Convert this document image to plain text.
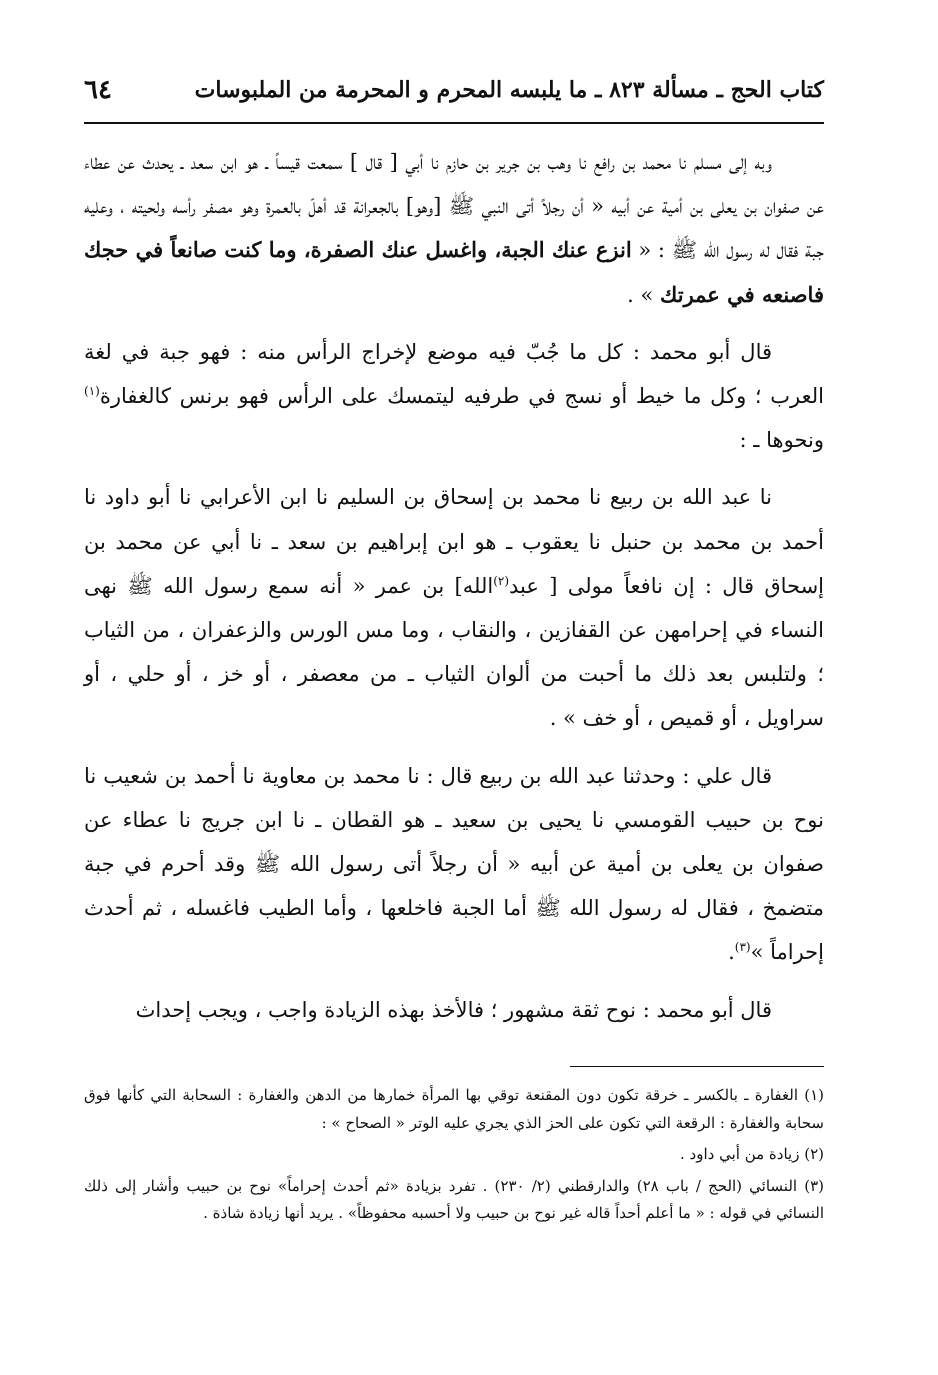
كتاب الحج ـ مسألة ٨٢٣ ـ ما يلبسه المحرم و المحرمة من الملبوسات
٦٤

وبه إلى مسلم نا محمد بن رافع نا وهب بن جرير بن حازم نا أبي [ قال ] سمعت قيساً ـ هو ابن سعد ـ يحدث عن عطاء عن صفوان بن يعلى بن أمية عن أبيه « أن رجلاً أتى النبي ﷺ [وهو] بالجعرانة قد أهلّ بالعمرة وهو مصفر رأسه ولحيته ، وعليه جبة فقال له رسول الله ﷺ : « انزع عنك الجبة، واغسل عنك الصفرة، وما كنت صانعاً في حجك فاصنعه في عمرتك » .

قال أبو محمد : كل ما جُبّ فيه موضع لإخراج الرأس منه : فهو جبة في لغة العرب ؛ وكل ما خيط أو نسج في طرفيه ليتمسك على الرأس فهو برنس كالغفارة$^{(١)}$ ونحوها ـ :

نا عبد الله بن ربيع نا محمد بن إسحاق بن السليم نا ابن الأعرابي نا أبو داود نا أحمد بن محمد بن حنبل نا يعقوب ـ هو ابن إبراهيم بن سعد ـ نا أبي عن محمد بن إسحاق قال : إن نافعاً مولى [ عبد$^{(٢)}$الله] بن عمر « أنه سمع رسول الله ﷺ نهى النساء في إحرامهن عن القفازين ، والنقاب ، وما مس الورس والزعفران ، من الثياب ؛ ولتلبس بعد ذلك ما أحبت من ألوان الثياب ـ من معصفر ، أو خز ، أو حلي ، أو سراويل ، أو قميص ، أو خف » .

قال علي : وحدثنا عبد الله بن ربيع قال : نا محمد بن معاوية نا أحمد بن شعيب نا نوح بن حبيب القومسي نا يحيى بن سعيد ـ هو القطان ـ نا ابن جريج نا عطاء عن صفوان بن يعلى بن أمية عن أبيه « أن رجلاً أتى رسول الله ﷺ وقد أحرم في جبة متضمخ ، فقال له رسول الله ﷺ أما الجبة فاخلعها ، وأما الطيب فاغسله ، ثم أحدث إحراماً »$^{(٣)}$.

قال أبو محمد : نوح ثقة مشهور ؛ فالأخذ بهذه الزيادة واجب ، ويجب إحداث

(١) الغفارة ـ بالكسر ـ خرقة تكون دون المقنعة توقي بها المرأة خمارها من الدهن والغفارة : السحابة التي كأنها فوق سحابة والغفارة : الرقعة التي تكون على الحز الذي يجري عليه الوتر « الصحاح » :

(٢) زيادة من أبي داود .

(٣) النسائي (الحج / باب ٢٨) والدارقطني (٢/ ٢٣٠) . تفرد بزيادة «ثم أحدث إحراماً» نوح بن حبيب وأشار إلى ذلك النسائي في قوله : « ما أعلم أحداً قاله غير نوح بن حبيب ولا أحسبه محفوظاً» . يريد أنها زيادة شاذة .
